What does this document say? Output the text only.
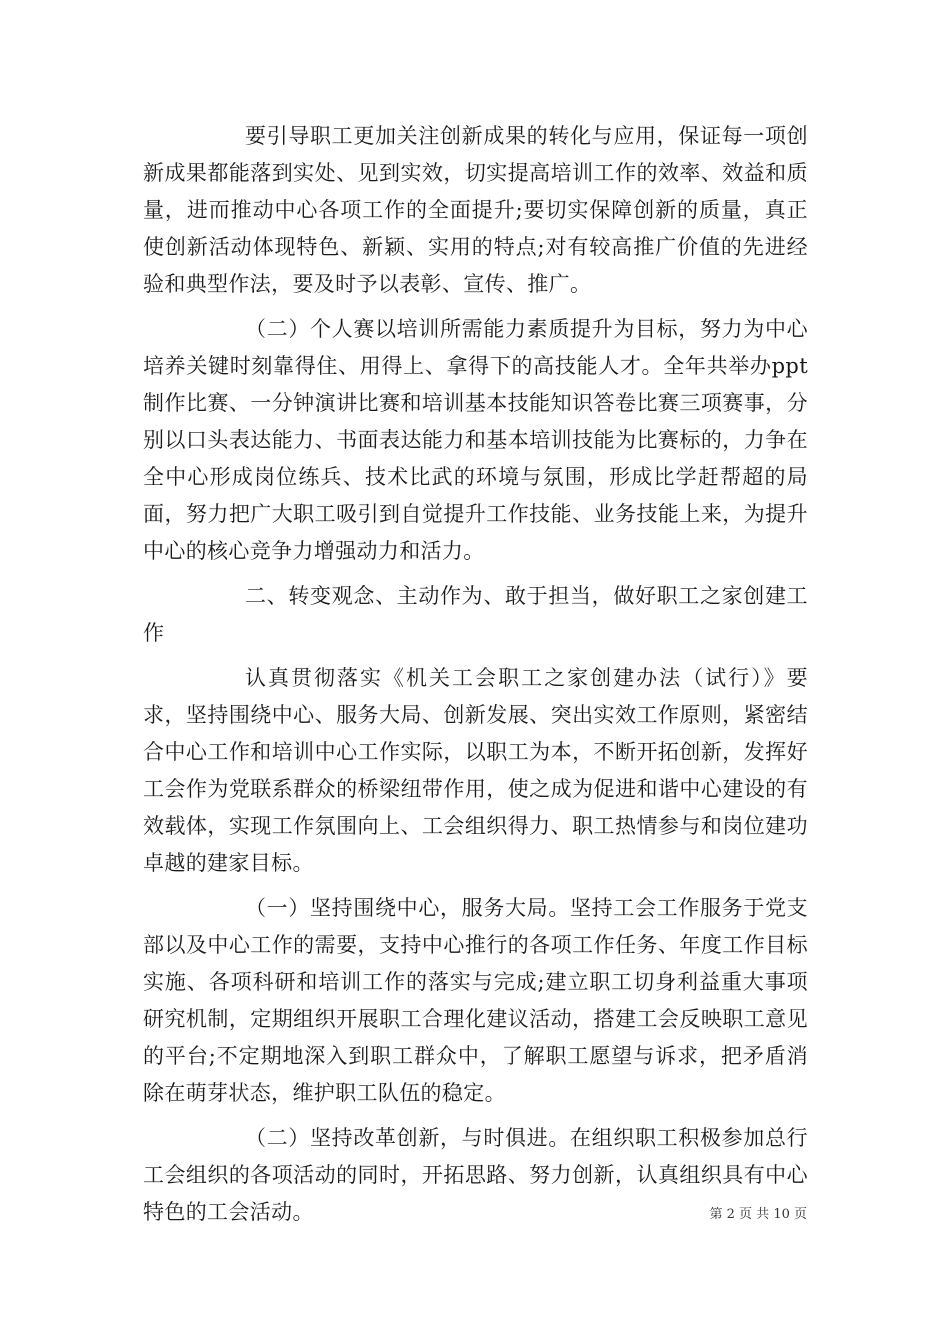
要引导职工更加关注创新成果的转化与应用，保证每一项创新成果都能落到实处、见到实效，切实提高培训工作的效率、效益和质量，进而推动中心各项工作的全面提升;要切实保障创新的质量，真正使创新活动体现特色、新颖、实用的特点;对有较高推广价值的先进经验和典型作法，要及时予以表彰、宣传、推广。

（二）个人赛以培训所需能力素质提升为目标，努力为中心培养关键时刻靠得住、用得上、拿得下的高技能人才。全年共举办ppt制作比赛、一分钟演讲比赛和培训基本技能知识答卷比赛三项赛事，分别以口头表达能力、书面表达能力和基本培训技能为比赛标的，力争在全中心形成岗位练兵、技术比武的环境与氛围，形成比学赶帮超的局面，努力把广大职工吸引到自觉提升工作技能、业务技能上来，为提升中心的核心竞争力增强动力和活力。

二、转变观念、主动作为、敢于担当，做好职工之家创建工作

认真贯彻落实《机关工会职工之家创建办法（试行）》要求，坚持围绕中心、服务大局、创新发展、突出实效工作原则，紧密结合中心工作和培训中心工作实际，以职工为本，不断开拓创新，发挥好工会作为党联系群众的桥梁纽带作用，使之成为促进和谐中心建设的有效载体，实现工作氛围向上、工会组织得力、职工热情参与和岗位建功卓越的建家目标。

（一）坚持围绕中心，服务大局。坚持工会工作服务于党支部以及中心工作的需要，支持中心推行的各项工作任务、年度工作目标实施、各项科研和培训工作的落实与完成;建立职工切身利益重大事项研究机制，定期组织开展职工合理化建议活动，搭建工会反映职工意见的平台;不定期地深入到职工群众中，了解职工愿望与诉求，把矛盾消除在萌芽状态，维护职工队伍的稳定。

（二）坚持改革创新，与时俱进。在组织职工积极参加总行工会组织的各项活动的同时，开拓思路、努力创新，认真组织具有中心特色的工会活动。	第 2 页 共 10 页
